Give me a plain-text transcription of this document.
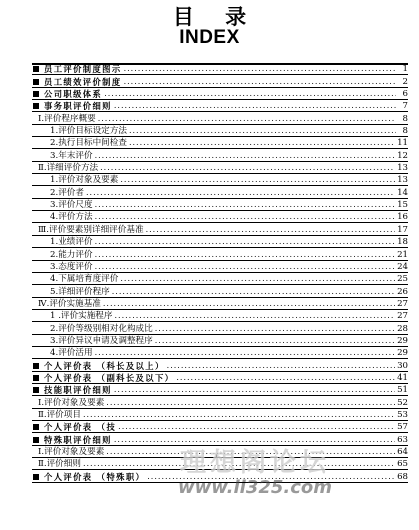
目 录
INDEX
员工评价制度图示 .....	1
员工绩效评价制度 .....	2
公司职级体系 .....	6
事务职评价细则 .....	7
Ⅰ.评价程序概要 .....	8
1.评价目标设定方法 .....	8
2.执行目标中间检查 .....	11
3.年末评价 .....	12
Ⅱ.详细评价方法 .....	13
1.评价对象及要素 .....	13
2.评价者 .....	14
3.评价尺度 .....	15
4.评价方法 .....	16
Ⅲ.评价要素别详细评价基准 .....	17
1.业绩评价 .....	18
2.能力评价 .....	21
3.态度评价 .....	24
4.下属培育度评价 .....	25
5.详细评价程序 .....	26
Ⅳ.评价实施基准 .....	27
1 .评价实施程序 .....	27
2.评价等级别相对化构成比 .....	28
3.评价异议申请及调整程序 .....	29
4.评价活用 .....	29
个人评价表 （科长及以上） .....	30
个人评价表 （副科长及以下） .....	41
技能职评价细则 .....	51
Ⅰ.评价对象及要素 .....	52
Ⅱ.评价项目 .....	53
个人评价表 （技 .....	57
特殊职评价细则 .....	63
Ⅰ.评价对象及要素 .....	64
Ⅱ.评价细则 .....	65
个人评价表 （特殊职） .....	68
理想阁论坛
www.li325.com
